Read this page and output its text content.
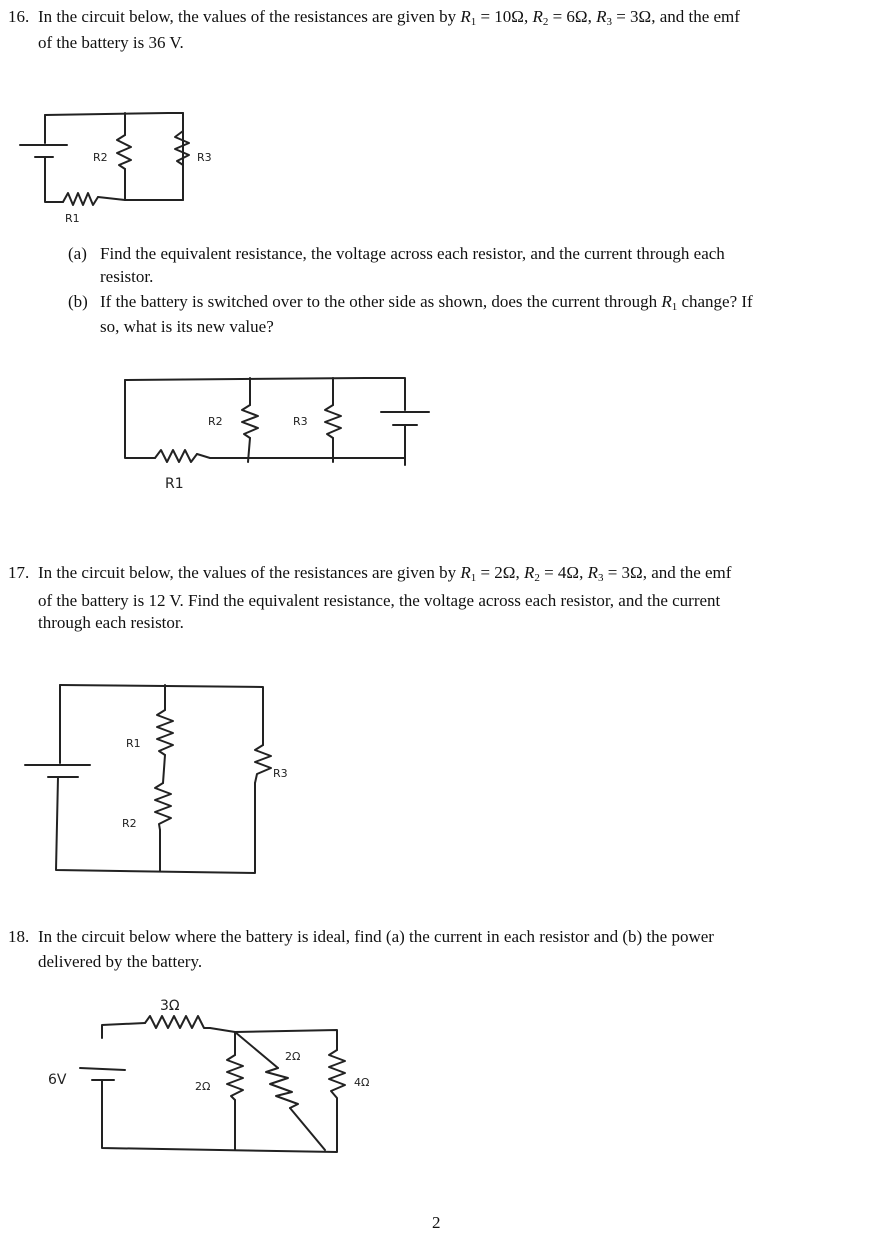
16. In the circuit below, the values of the resistances are given by $R_1 = 10\Omega$, $R_2 = 6\Omega$, $R_3 = 3\Omega$, and the emf
of the battery is 36 V.
R2	R3
R1
(a) Find the equivalent resistance, the voltage across each resistor, and the current through each
resistor.
(b) If the battery is switched over to the other side as shown, does the current through $R_1$ change? If
so, what is its new value?
R2	R3
R1
17. In the circuit below, the values of the resistances are given by $R_1 = 2\Omega$, $R_2 = 4\Omega$, $R_3 = 3\Omega$, and the emf
of the battery is 12 V. Find the equivalent resistance, the voltage across each resistor, and the current
through each resistor.
R1
R2
R3
18. In the circuit below where the battery is ideal, find (a) the current in each resistor and (b) the power
delivered by the battery.
3Ω
6V	2Ω
2Ω
4Ω
2
